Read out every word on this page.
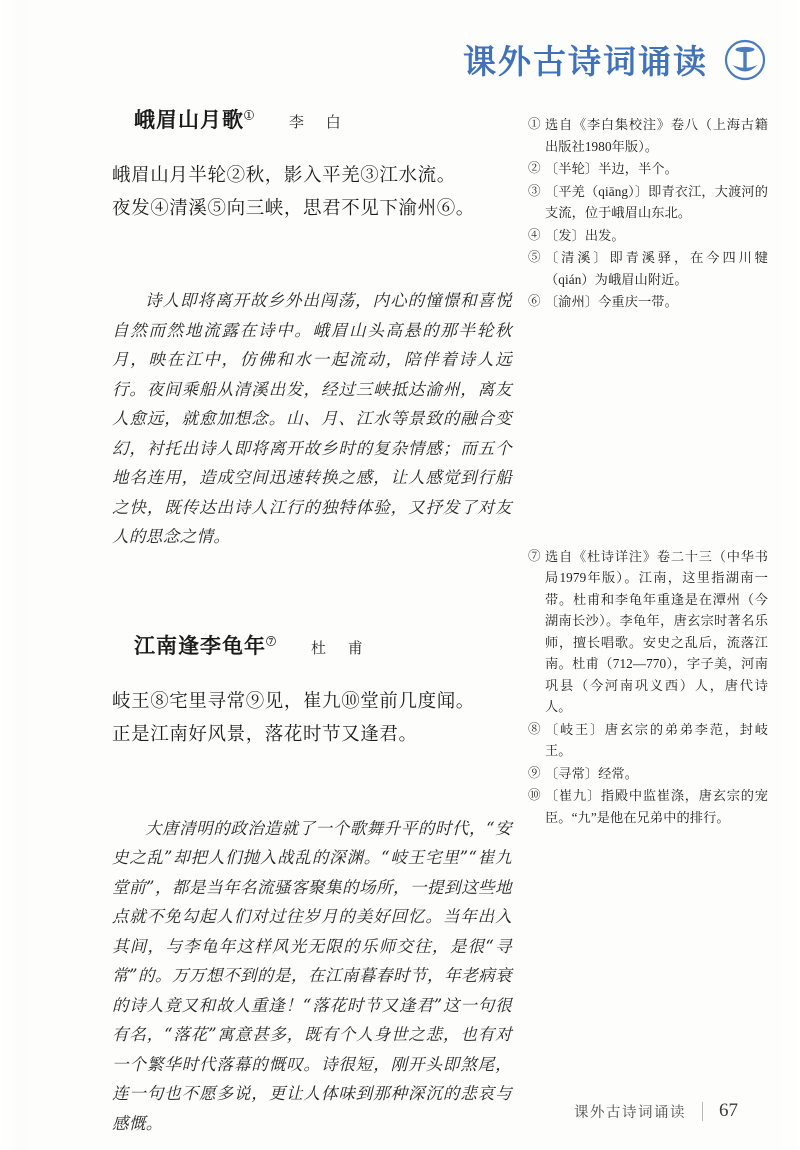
课外古诗词诵读
峨眉山月歌① 李 白
峨眉山月半轮②秋，影入平羌③江水流。
夜发④清溪⑤向三峡，思君不见下渝州⑥。
诗人即将离开故乡外出闯荡，内心的憧憬和喜悦自然而然地流露在诗中。峨眉山头高悬的那半轮秋月，映在江中，仿佛和水一起流动，陪伴着诗人远行。夜间乘船从清溪出发，经过三峡抵达渝州，离友人愈远，就愈加想念。山、月、江水等景致的融合变幻，衬托出诗人即将离开故乡时的复杂情感；而五个地名连用，造成空间迅速转换之感，让人感觉到行船之快，既传达出诗人江行的独特体验，又抒发了对友人的思念之情。
江南逢李龟年⑦ 杜 甫
岐王⑧宅里寻常⑨见，崔九⑩堂前几度闻。
正是江南好风景，落花时节又逢君。
大唐清明的政治造就了一个歌舞升平的时代，“安史之乱”却把人们抛入战乱的深渊。“岐王宅里”“崔九堂前”，都是当年名流骚客聚集的场所，一提到这些地点就不免勾起人们对过往岁月的美好回忆。当年出入其间，与李龟年这样风光无限的乐师交往，是很“寻常”的。万万想不到的是，在江南暮春时节，年老病衰的诗人竟又和故人重逢！“落花时节又逢君”这一句很有名，“落花”寓意甚多，既有个人身世之悲，也有对一个繁华时代落幕的慨叹。诗很短，刚开头即煞尾，连一句也不愿多说，更让人体味到那种深沉的悲哀与感慨。
① 选自《李白集校注》卷八（上海古籍出版社1980年版）。
② 〔半轮〕半边，半个。
③ 〔平羌（qiāng）〕即青衣江，大渡河的支流，位于峨眉山东北。
④ 〔发〕出发。
⑤ 〔清溪〕即青溪驿，在今四川犍（qián）为峨眉山附近。
⑥ 〔渝州〕今重庆一带。
⑦ 选自《杜诗详注》卷二十三（中华书局1979年版）。江南，这里指湖南一带。杜甫和李龟年重逢是在潭州（今湖南长沙）。李龟年，唐玄宗时著名乐师，擅长唱歌。安史之乱后，流落江南。杜甫（712—770），字子美，河南巩县（今河南巩义西）人，唐代诗人。
⑧ 〔岐王〕唐玄宗的弟弟李范，封岐王。
⑨ 〔寻常〕经常。
⑩ 〔崔九〕指殿中监崔涤，唐玄宗的宠臣。“九”是他在兄弟中的排行。
课外古诗词诵读 67
